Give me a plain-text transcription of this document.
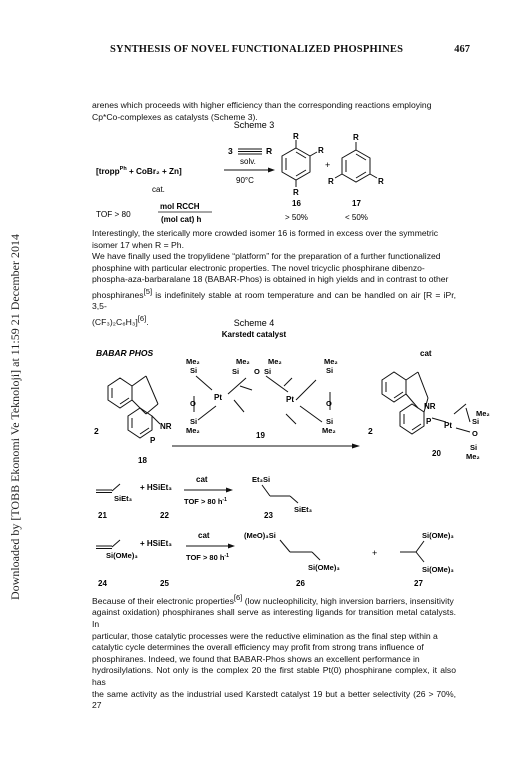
Downloaded by [TOBB Ekonomi Ve Teknoloji] at 11:59 21 December 2014
SYNTHESIS OF NOVEL FUNCTIONALIZED PHOSPHINES	467

arenes which proceeds with higher efficiency than the corresponding reactions employing

Cp*Co-complexes as catalysts (Scheme 3).

Scheme 3
[tropp$^{Ph}$ + CoBr₂ + Zn]
cat.
3	R
solv.
90°C
R
R
R
+
R
R
R
TOF > 80
mol RCCH
(mol cat) h
16	17
> 50%	< 50%

Interestingly, the sterically more crowded isomer 16 is formed in excess over the symmetric

isomer 17 when R = Ph.

We have finally used the tropylidene “platform” for the preparation of a further functionalized

phosphine with particular electronic properties. The novel tricyclic phosphirane dibenzo-

phospha-aza-barbaralane 18 (BABAR-Phos) is obtained in high yields and in contrast to other

phosphiranes[5] is indefinitely stable at room temperature and can be handled on air [R = iPr, 3,5-

(CF₃)₂C₆H₃][6].	Scheme 4
Karstedt catalyst
BABAR PHOS	cat
2	NR
P
18
Me₂
Si
O
Si
Me₂
Pt
Me₂ Me₂
Si O Si
Pt
Me₂
Si
O
Si
Me₂
19	2
NR
P Pt
Me₂
Si
O
Si
Me₂
20
SiEt₃
+ HSiEt₃
cat
TOF > 80 $h^{-1}$
Et₃Si
SiEt₃
21	22	23
Si(OMe)₃
+ HSiEt₃
cat
TOF > 80 $h^{-1}$
(MeO)₃Si
Si(OMe)₃
+
Si(OMe)₃
Si(OMe)₃
24	25	26	27

Because of their electronic properties[6] (low nucleophilicity, high inversion barriers, insensitivity

against oxidation) phosphiranes shall serve as interesting ligands for transition metal catalysts. In

particular, those catalytic processes were the reductive elimination as the final step within a

catalytic cycle determines the overall efficiency may profit from strong trans influence of

phosphiranes. Indeed, we found that BABAR-Phos shows an excellent performance in

hydrosilylations. Not only is the complex 20 the first stable Pt(0) phosphirane complex, it also has

the same activity as the industrial used Karstedt catalyst 19 but a better selectivity (26 > 70%, 27
